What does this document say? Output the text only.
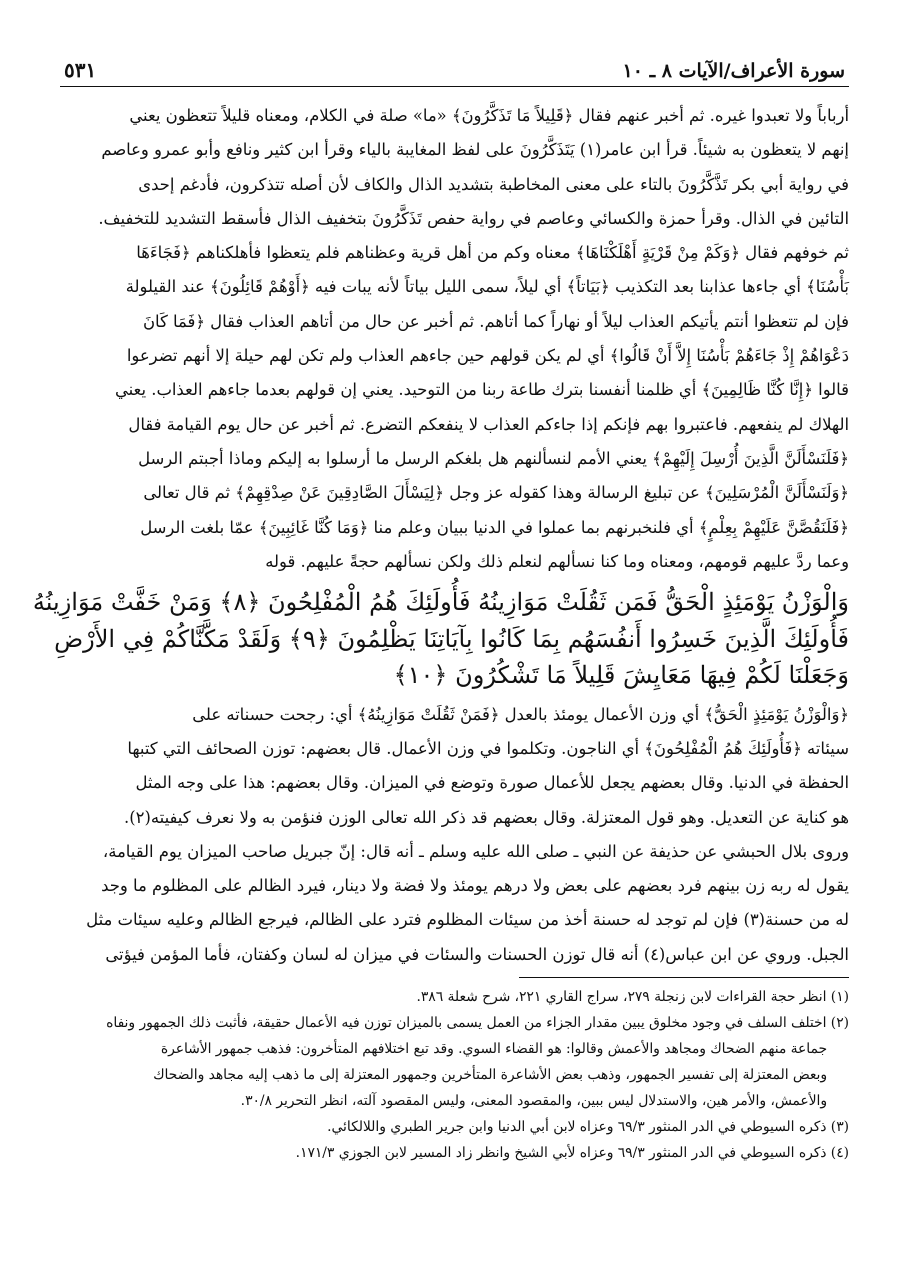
سورة الأعراف/الآيات ٨ ـ ١٠
٥٣١

أرباباً ولا تعبدوا غيره. ثم أخبر عنهم فقال ﴿قَلِيلاً مَا تَذَكَّرُونَ﴾ «ما» صلة في الكلام، ومعناه قليلاً تتعظون يعني

إنهم لا يتعظون به شيئاً. قرأ ابن عامر(١) يَتَذَكَّرُونَ على لفظ المغايبة بالياء وقرأ ابن كثير ونافع وأبو عمرو وعاصم

في رواية أبي بكر تَذَّكَّرُونَ بالتاء على معنى المخاطبة بتشديد الذال والكاف لأن أصله تتذكرون، فأدغم إحدى

التائين في الذال. وقرأ حمزة والكسائي وعاصم في رواية حفص تَذَكَّرُونَ بتخفيف الذال فأسقط التشديد للتخفيف.

ثم خوفهم فقال ﴿وَكَمْ مِنْ قَرْيَةٍ أَهْلَكْنَاهَا﴾ معناه وكم من أهل قرية وعظناهم فلم يتعظوا فأهلكناهم ﴿فَجَاءَهَا

بَأْسُنَا﴾ أي جاءها عذابنا بعد التكذيب ﴿بَيَاتاً﴾ أي ليلاً، سمى الليل بياتاً لأنه يبات فيه ﴿أَوْهُمْ قَائِلُونَ﴾ عند القيلولة

فإن لم تتعظوا أنتم يأتيكم العذاب ليلاً أو نهاراً كما أتاهم. ثم أخبر عن حال من أتاهم العذاب فقال ﴿فَمَا كَانَ

دَعْوَاهُمْ إِذْ جَاءَهُمْ بَأْسُنَا إِلاَّ أَنْ قَالُوا﴾ أي لم يكن قولهم حين جاءهم العذاب ولم تكن لهم حيلة إلا أنهم تضرعوا

قالوا ﴿إِنَّا كُنَّا ظَالِمِينَ﴾ أي ظلمنا أنفسنا بترك طاعة ربنا من التوحيد. يعني إن قولهم بعدما جاءهم العذاب. يعني

الهلاك لم ينفعهم. فاعتبروا بهم فإنكم إذا جاءكم العذاب لا ينفعكم التضرع. ثم أخبر عن حال يوم القيامة فقال

﴿فَلَنَسْأَلَنَّ الَّذِينَ أُرْسِلَ إِلَيْهِمْ﴾ يعني الأمم لنسألنهم هل بلغكم الرسل ما أرسلوا به إليكم وماذا أجبتم الرسل

﴿وَلَنَسْأَلَنَّ الْمُرْسَلِينَ﴾ عن تبليغ الرسالة وهذا كقوله عز وجل ﴿لِيَسْأَلَ الصَّادِقِينَ عَنْ صِدْقِهِمْ﴾ ثم قال تعالى

﴿فَلَنَقُصَّنَّ عَلَيْهِمْ بِعِلْمٍ﴾ أي فلنخبرنهم بما عملوا في الدنيا ببيان وعلم منا ﴿وَمَا كُنَّا غَائِبِينَ﴾ عمّا بلغت الرسل

وعما ردَّ عليهم قومهم، ومعناه وما كنا نسألهم لنعلم ذلك ولكن نسألهم حجةً عليهم. قوله

وَالْوَزْنُ يَوْمَئِذٍ الْحَقُّ فَمَن ثَقُلَتْ مَوَازِينُهُ فَأُولَئِكَ هُمُ الْمُفْلِحُونَ ﴿٨﴾ وَمَنْ خَفَّتْ مَوَازِينُهُ
فَأُولَئِكَ الَّذِينَ خَسِرُوا أَنفُسَهُم بِمَا كَانُوا بِآيَاتِنَا يَظْلِمُونَ ﴿٩﴾ وَلَقَدْ مَكَّنَّاكُمْ فِي الأَرْضِ
وَجَعَلْنَا لَكُمْ فِيهَا مَعَايِشَ قَلِيلاً مَا تَشْكُرُونَ ﴿١٠﴾

﴿وَالْوَزْنُ يَوْمَئِذٍ الْحَقُّ﴾ أي وزن الأعمال يومئذ بالعدل ﴿فَمَنْ ثَقُلَتْ مَوَازِينُهُ﴾ أي: رجحت حسناته على

سيئاته ﴿فَأُولَئِكَ هُمُ الْمُفْلِحُونَ﴾ أي الناجون. وتكلموا في وزن الأعمال. قال بعضهم: توزن الصحائف التي كتبها

الحفظة في الدنيا. وقال بعضهم يجعل للأعمال صورة وتوضع في الميزان. وقال بعضهم: هذا على وجه المثل

هو كناية عن التعديل. وهو قول المعتزلة. وقال بعضهم قد ذكر الله تعالى الوزن فنؤمن به ولا نعرف كيفيته(٢).

وروى بلال الحبشي عن حذيفة عن النبي ـ صلى الله عليه وسلم ـ أنه قال: إنّ جبريل صاحب الميزان يوم القيامة،

يقول له ربه زن بينهم فرد بعضهم على بعض ولا درهم يومئذ ولا فضة ولا دينار، فيرد الظالم على المظلوم ما وجد

له من حسنة(٣) فإن لم توجد له حسنة أخذ من سيئات المظلوم فترد على الظالم، فيرجع الظالم وعليه سيئات مثل

الجبل. وروي عن ابن عباس(٤) أنه قال توزن الحسنات والسئات في ميزان له لسان وكفتان، فأما المؤمن فيؤتى

(١) انظر حجة القراءات لابن زنجلة ٢٧٩، سراج القاري ٢٢١، شرح شعلة ٣٨٦.

(٢) اختلف السلف في وجود مخلوق يبين مقدار الجزاء من العمل يسمى بالميزان توزن فيه الأعمال حقيقة، فأثبت ذلك الجمهور ونفاه

جماعة منهم الضحاك ومجاهد والأعمش وقالوا: هو القضاء السوي. وقد تبع اختلافهم المتأخرون: فذهب جمهور الأشاعرة

وبعض المعتزلة إلى تفسير الجمهور، وذهب بعض الأشاعرة المتأخرين وجمهور المعتزلة إلى ما ذهب إليه مجاهد والضحاك

والأعمش، والأمر هين، والاستدلال ليس ببين، والمقصود المعنى، وليس المقصود آلته، انظر التحرير ٣٠/٨.

(٣) ذكره السيوطي في الدر المنثور ٦٩/٣ وعزاه لابن أبي الدنيا وابن جرير الطبري واللالكائي.

(٤) ذكره السيوطي في الدر المنثور ٦٩/٣ وعزاه لأبي الشيخ وانظر زاد المسير لابن الجوزي ١٧١/٣.
